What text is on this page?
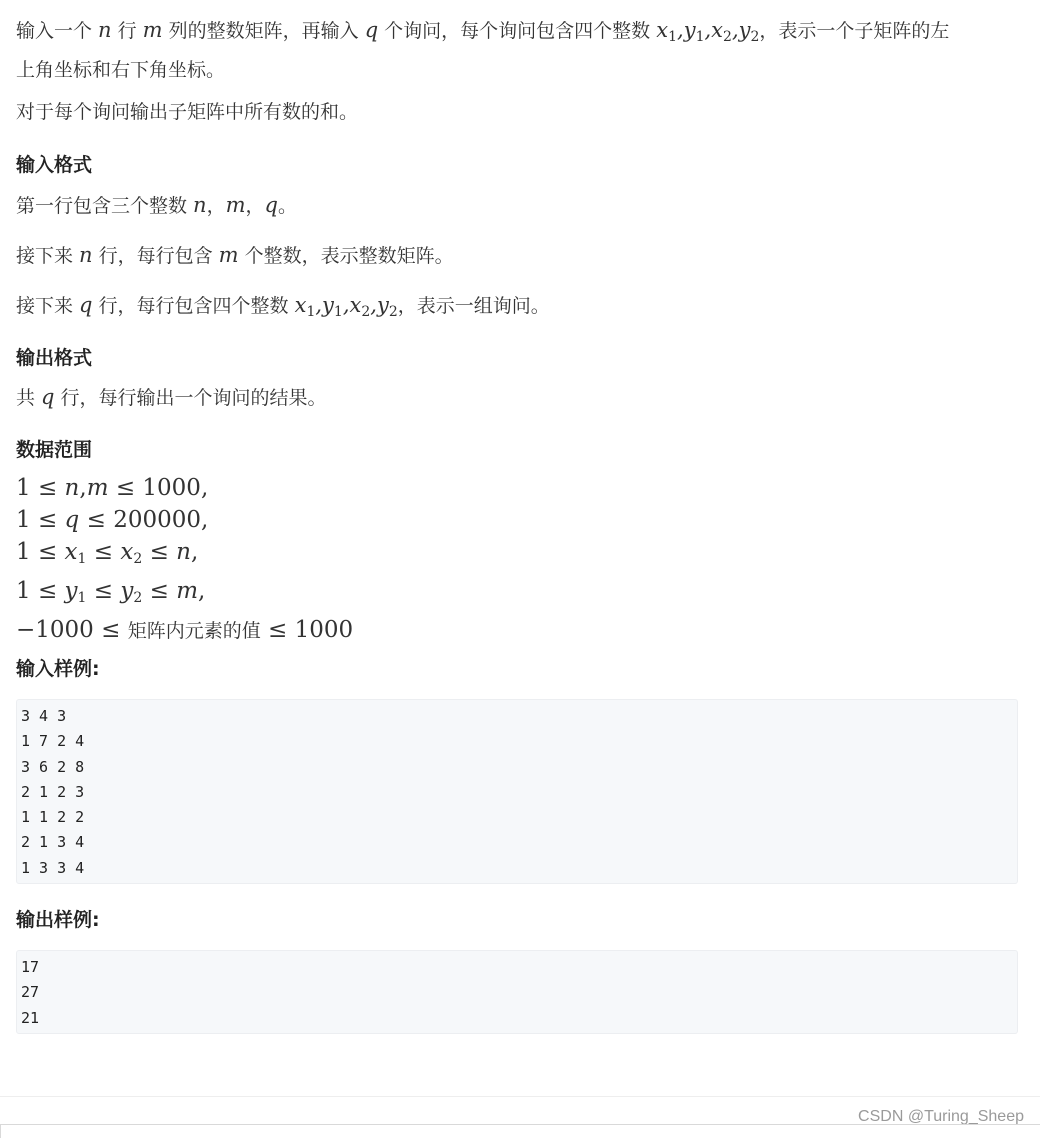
输入一个 n 行 m 列的整数矩阵，再输入 q 个询问，每个询问包含四个整数 $x_1,y_1,x_2,y_2$，表示一个子矩阵的左

上角坐标和右下角坐标。

对于每个询问输出子矩阵中所有数的和。

输入格式

第一行包含三个整数 n，m，q。

接下来 n 行，每行包含 m 个整数，表示整数矩阵。

接下来 q 行，每行包含四个整数 $x_1,y_1,x_2,y_2$，表示一组询问。

输出格式

共 q 行，每行输出一个询问的结果。

数据范围
1 ≤ n,m ≤ 1000,
1 ≤ q ≤ 200000,
$1 \le x_1 \le x_2 \le n$,
$1 \le y_1 \le y_2 \le m$,
−1000 ≤ 矩阵内元素的值 ≤ 1000
输入样例:
3 4 3
1 7 2 4
3 6 2 8
2 1 2 3
1 1 2 2
2 1 3 4
1 3 3 4
输出样例:
17
27
21
CSDN @Turing_Sheep
